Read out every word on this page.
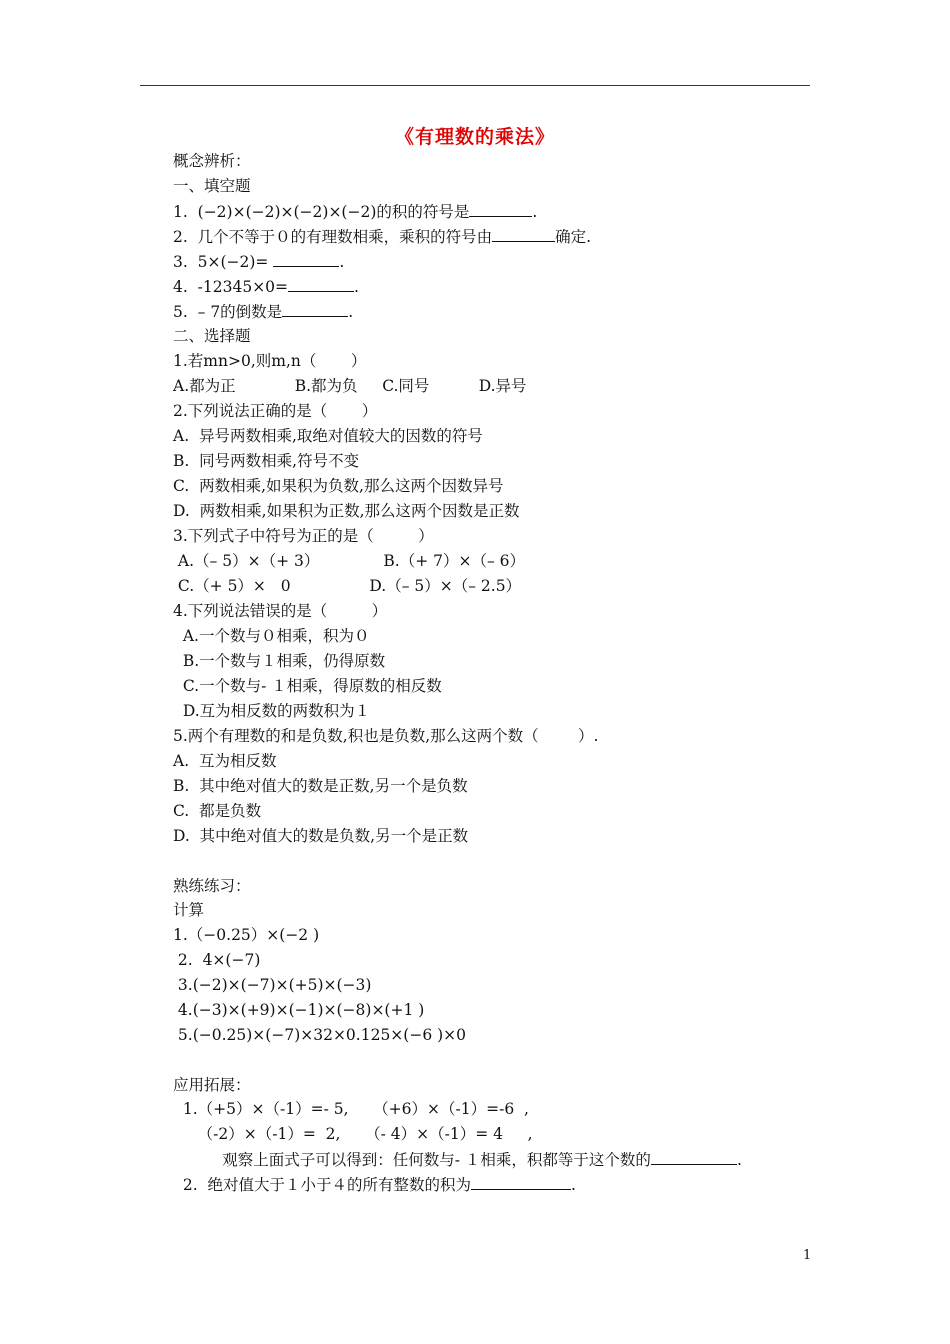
《有理数的乘法》
概念辨析：
一、填空题
1.  (−2)×(−2)×(−2)×(−2)的积的符号是	.
2.  几个不等于０的有理数相乘，乘积的符号由	确定.
3.  5×(−2)=	.
4.  -12345×0=	.
5.  – 7的倒数是	.
二、选择题
1.若mn>0,则m,n（       ）
A.都为正            B.都为负     C.同号          D.异号
2.下列说法正确的是（       ）
A.  异号两数相乘,取绝对值较大的因数的符号
B.  同号两数相乘,符号不变
C.  两数相乘,如果积为负数,那么这两个因数异号
D.  两数相乘,如果积为正数,那么这两个因数是正数
3.下列式子中符号为正的是（         ）
A.（– 5）×（+ 3）             B.（+ 7）×（– 6）
C.（+ 5）×   0                D.（– 5）×（– 2.5）
4.下列说法错误的是（         ）
A.一个数与０相乘，积为０
B.一个数与１相乘，仍得原数
C.一个数与- １相乘，得原数的相反数
D.互为相反数的两数积为１
5.两个有理数的和是负数,积也是负数,那么这两个数（        ）.
A.  互为相反数
B.  其中绝对值大的数是正数,另一个是负数
C.  都是负数
D.  其中绝对值大的数是负数,另一个是正数
熟练练习：
计算
1.（−0.25）×(−2 )
2.  4×(−7)
3.(−2)×(−7)×(+5)×(−3)
4.(−3)×(+9)×(−1)×(−8)×(+1 )
5.(−0.25)×(−7)×32×0.125×(−6 )×0
应用拓展：
1.（+5）×（-1）=- 5,     （+6）×（-1）=-6  ,
（-2）×（-1）=  2,     （- 4）×（-1）= 4     ,
观察上面式子可以得到：任何数与- １相乘，积都等于这个数的	.
2.  绝对值大于１小于４的所有整数的积为	.
1
